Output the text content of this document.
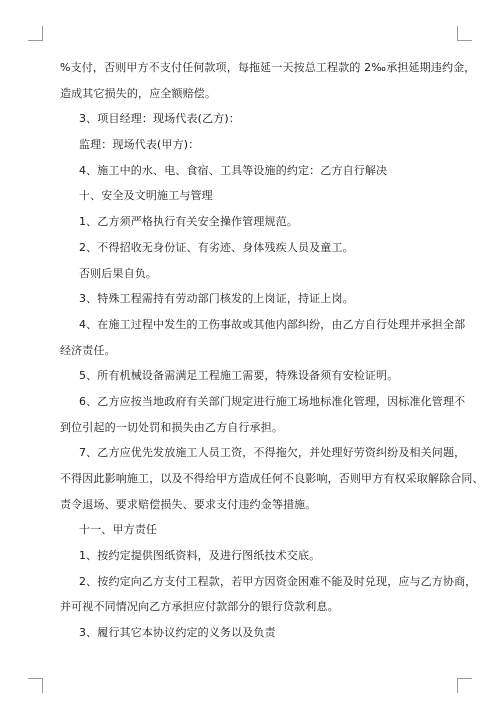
%支付，否则甲方不支付任何款项，每拖延一天按总工程款的 2‰承担延期违约金，
造成其它损失的，应全额赔偿。
3、项目经理：现场代表(乙方)：
监理：现场代表(甲方)：
4、施工中的水、电、食宿、工具等设施的约定：乙方自行解决
十、安全及文明施工与管理
1、乙方须严格执行有关安全操作管理规范。
2、不得招收无身份证、有劣迹、身体残疾人员及童工。
否则后果自负。
3、特殊工程需持有劳动部门核发的上岗证，持证上岗。
4、在施工过程中发生的工伤事故或其他内部纠纷，由乙方自行处理并承担全部
经济责任。
5、所有机械设备需满足工程施工需要，特殊设备须有安检证明。
6、乙方应按当地政府有关部门规定进行施工场地标准化管理，因标准化管理不
到位引起的一切处罚和损失由乙方自行承担。
7、乙方应优先发放施工人员工资，不得拖欠，并处理好劳资纠纷及相关问题，
不得因此影响施工，以及不得给甲方造成任何不良影响，否则甲方有权采取解除合同、
责令退场、要求赔偿损失、要求支付违约金等措施。
十一、甲方责任
1、按约定提供图纸资料，及进行图纸技术交底。
2、按约定向乙方支付工程款，若甲方因资金困难不能及时兑现，应与乙方协商，
并可视不同情况向乙方承担应付款部分的银行贷款利息。
3、履行其它本协议约定的义务以及负责
